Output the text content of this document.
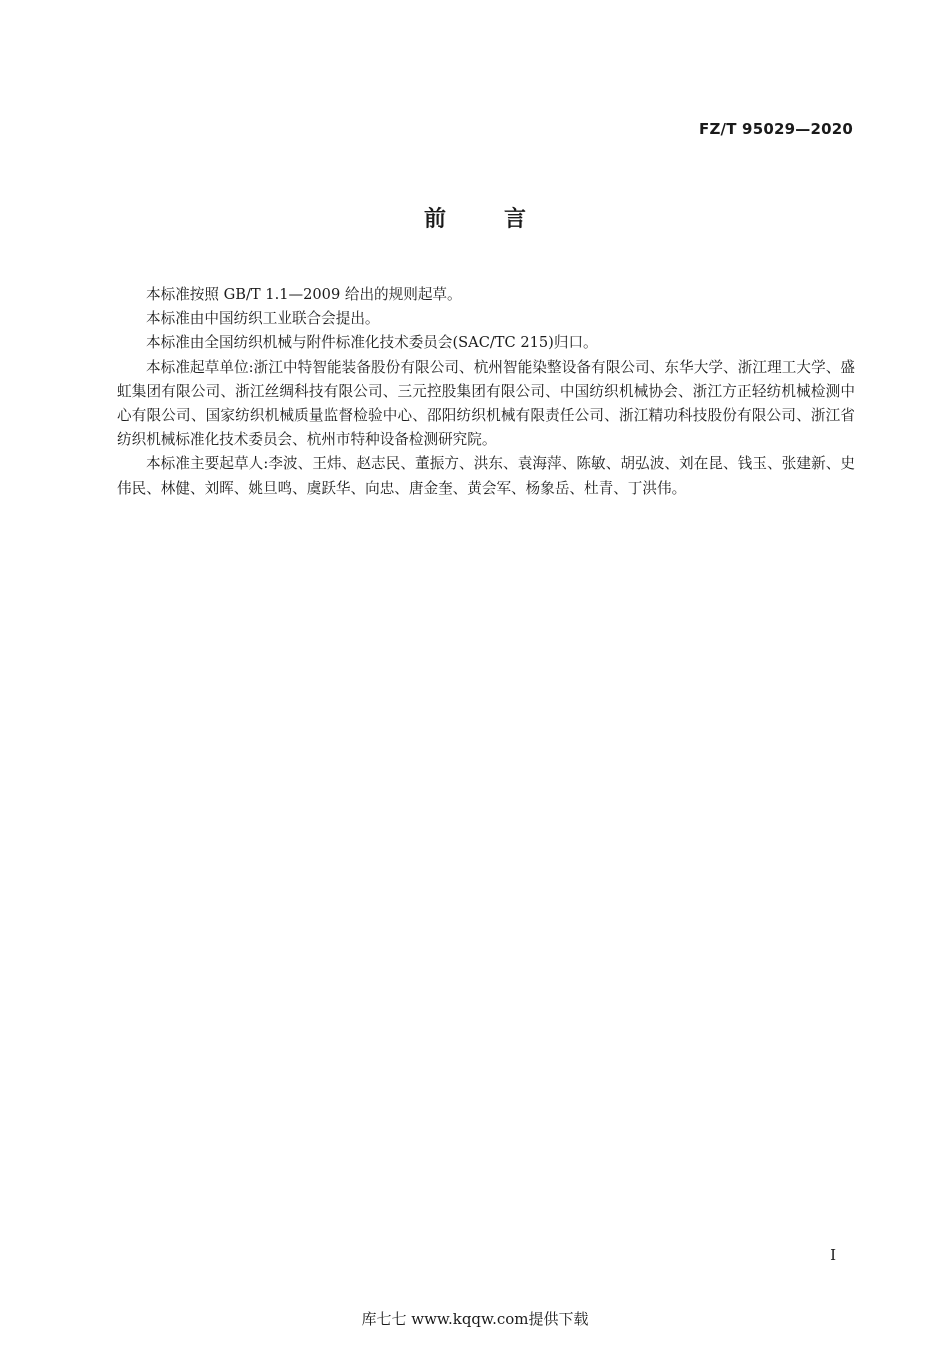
FZ/T 95029—2020
前言

本标准按照 GB/T 1.1—2009 给出的规则起草。

本标准由中国纺织工业联合会提出。

本标准由全国纺织机械与附件标准化技术委员会(SAC/TC 215)归口。

本标准起草单位:浙江中特智能装备股份有限公司、杭州智能染整设备有限公司、东华大学、浙江理工大学、盛虹集团有限公司、浙江丝绸科技有限公司、三元控股集团有限公司、中国纺织机械协会、浙江方正轻纺机械检测中心有限公司、国家纺织机械质量监督检验中心、邵阳纺织机械有限责任公司、浙江精功科技股份有限公司、浙江省纺织机械标准化技术委员会、杭州市特种设备检测研究院。

本标准主要起草人:李波、王炜、赵志民、董振方、洪东、袁海萍、陈敏、胡弘波、刘在昆、钱玉、张建新、史伟民、林健、刘晖、姚旦鸣、虞跃华、向忠、唐金奎、黄会军、杨象岳、杜青、丁洪伟。

I
库七七 www.kqqw.com提供下载
